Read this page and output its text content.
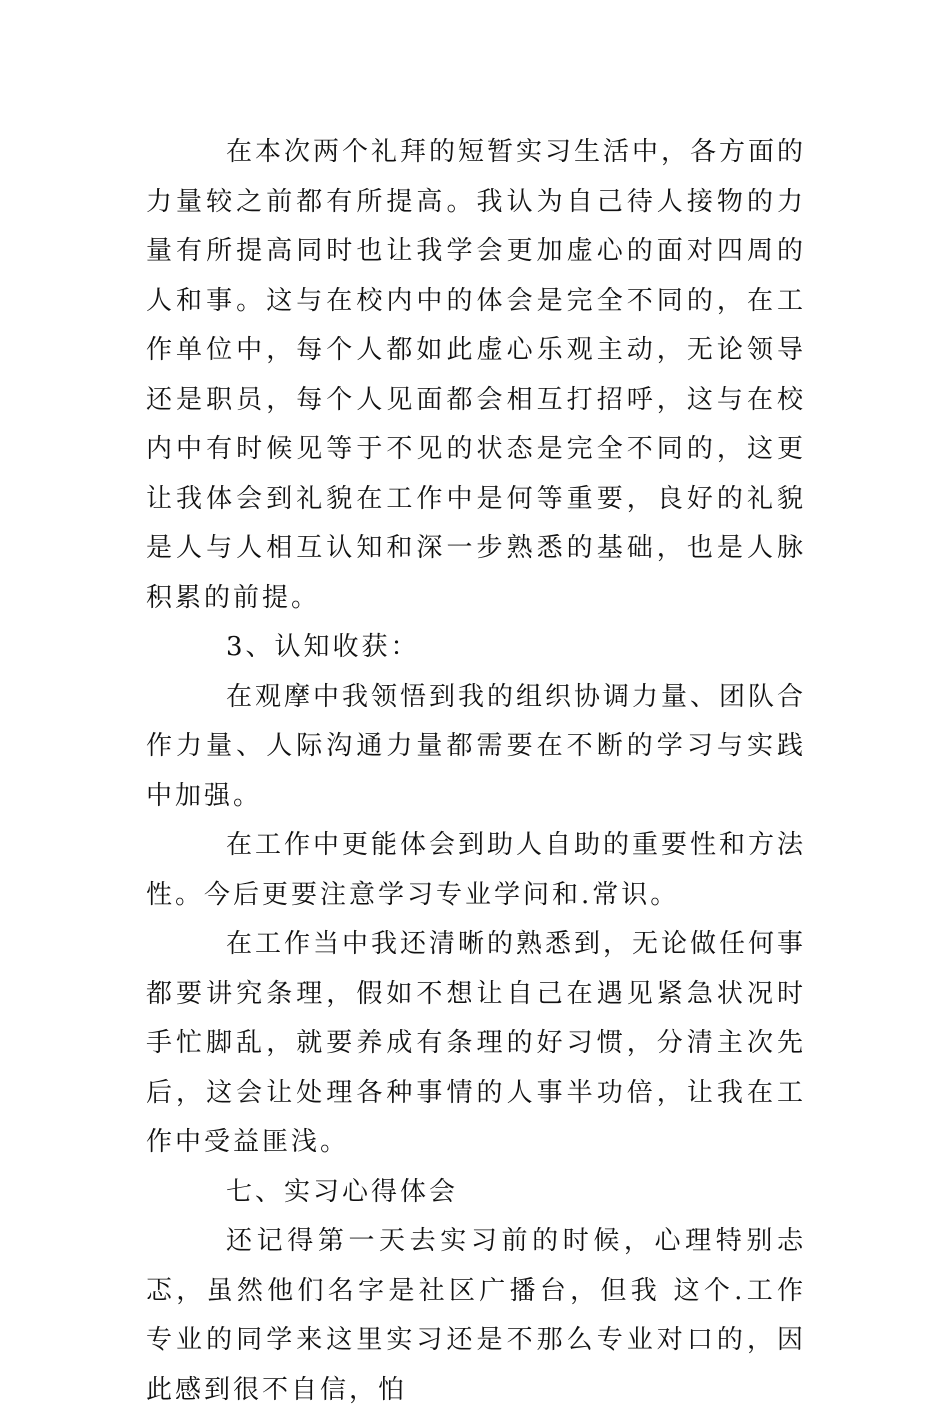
在本次两个礼拜的短暂实习生活中，各方面的力量较之前都有所提高。我认为自己待人接物的力量有所提高同时也让我学会更加虚心的面对四周的人和事。这与在校内中的体会是完全不同的，在工作单位中，每个人都如此虚心乐观主动，无论领导还是职员，每个人见面都会相互打招呼，这与在校内中有时候见等于不见的状态是完全不同的，这更让我体会到礼貌在工作中是何等重要，良好的礼貌是人与人相互认知和深一步熟悉的基础，也是人脉积累的前提。

3、认知收获：

在观摩中我领悟到我的组织协调力量、团队合作力量、人际沟通力量都需要在不断的学习与实践中加强。

在工作中更能体会到助人自助的重要性和方法性。今后更要注意学习专业学问和.常识。

在工作当中我还清晰的熟悉到，无论做任何事都要讲究条理，假如不想让自己在遇见紧急状况时手忙脚乱，就要养成有条理的好习惯，分清主次先后，这会让处理各种事情的人事半功倍，让我在工作中受益匪浅。

七、实习心得体会

还记得第一天去实习前的时候，心理特别忐忑，虽然他们名字是社区广播台，但我 这个.工作专业的同学来这里实习还是不那么专业对口的，因此感到很不自信，怕
